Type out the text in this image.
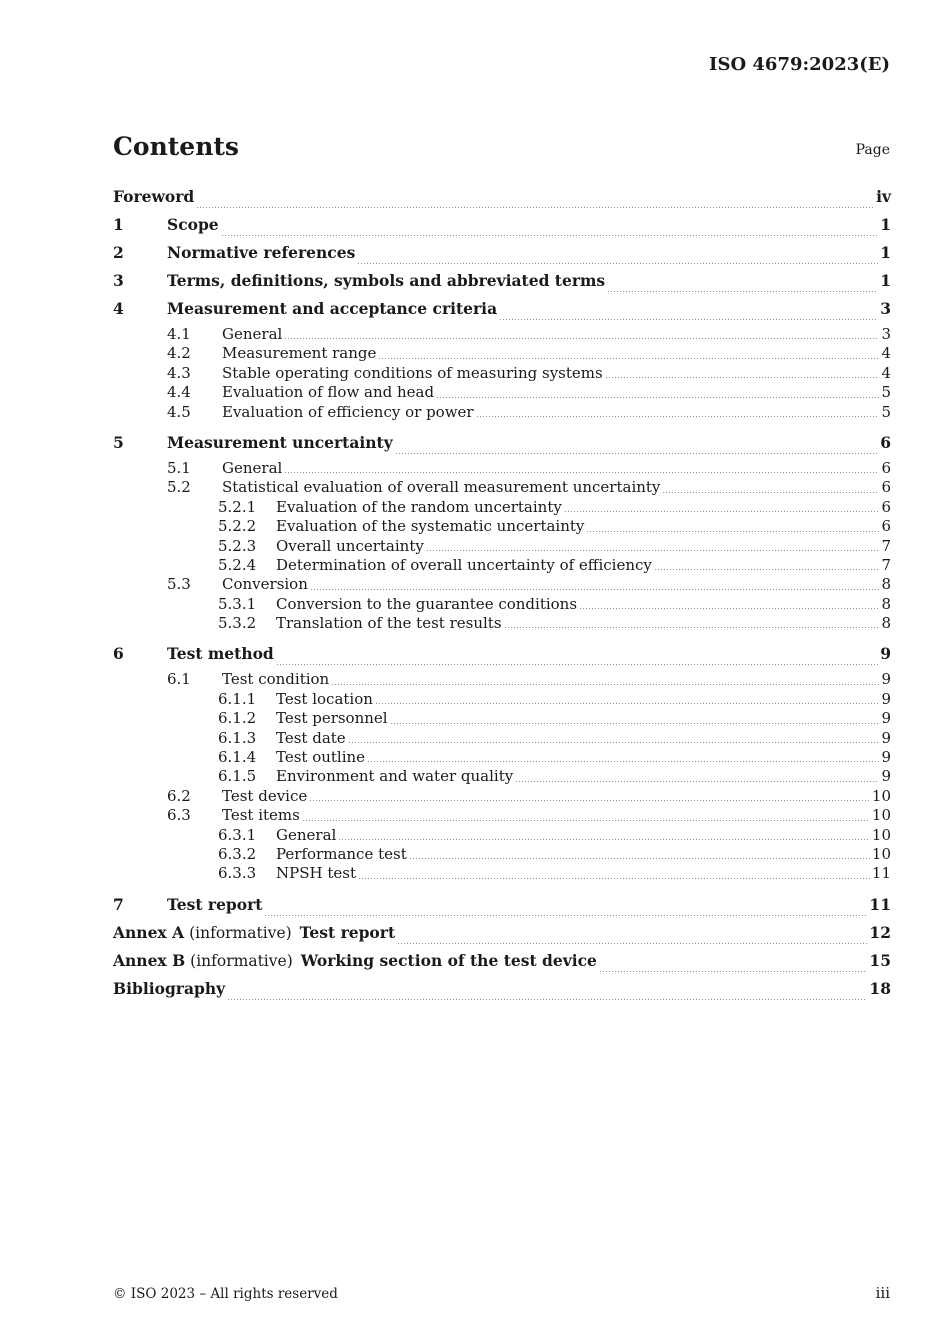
ISO 4679:2023(E)
Contents	Page
Foreword	iv
1	Scope	1
2	Normative references	1
3	Terms, definitions, symbols and abbreviated terms	1
4	Measurement and acceptance criteria	3
4.1	General	3
4.2	Measurement range	4
4.3	Stable operating conditions of measuring systems	4
4.4	Evaluation of flow and head	5
4.5	Evaluation of efficiency or power	5
5	Measurement uncertainty	6
5.1	General	6
5.2	Statistical evaluation of overall measurement uncertainty	6
5.2.1	Evaluation of the random uncertainty	6
5.2.2	Evaluation of the systematic uncertainty	6
5.2.3	Overall uncertainty	7
5.2.4	Determination of overall uncertainty of efficiency	7
5.3	Conversion	8
5.3.1	Conversion to the guarantee conditions	8
5.3.2	Translation of the test results	8
6	Test method	9
6.1	Test condition	9
6.1.1	Test location	9
6.1.2	Test personnel	9
6.1.3	Test date	9
6.1.4	Test outline	9
6.1.5	Environment and water quality	9
6.2	Test device	10
6.3	Test items	10
6.3.1	General	10
6.3.2	Performance test	10
6.3.3	NPSH test	11
7	Test report	11
Annex A (informative) Test report	12
Annex B (informative) Working section of the test device	15
Bibliography	18
© ISO 2023 – All rights reserved	iii
